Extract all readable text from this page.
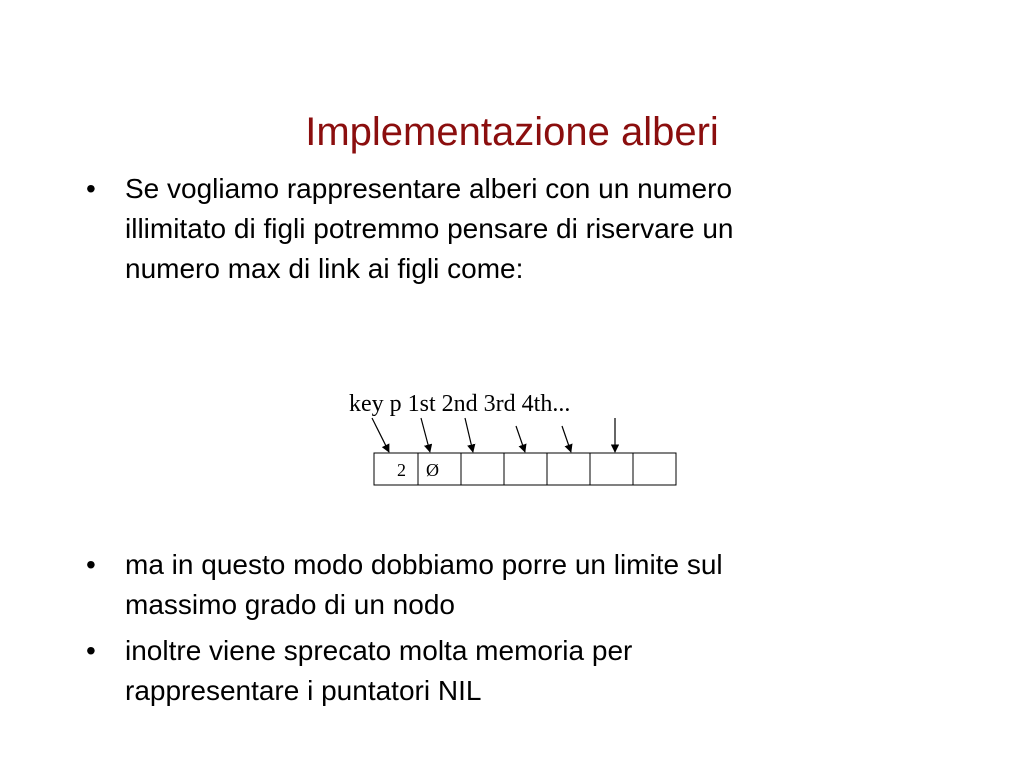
Implementazione alberi
• Se vogliamo rappresentare alberi con un numero
illimitato di figli potremmo pensare di riservare un
numero max di link ai figli come:
key p 1st 2nd 3rd 4th...
2 Ø
• ma in questo modo dobbiamo porre un limite sul
massimo grado di un nodo
• inoltre viene sprecato molta memoria per
rappresentare i puntatori NIL
